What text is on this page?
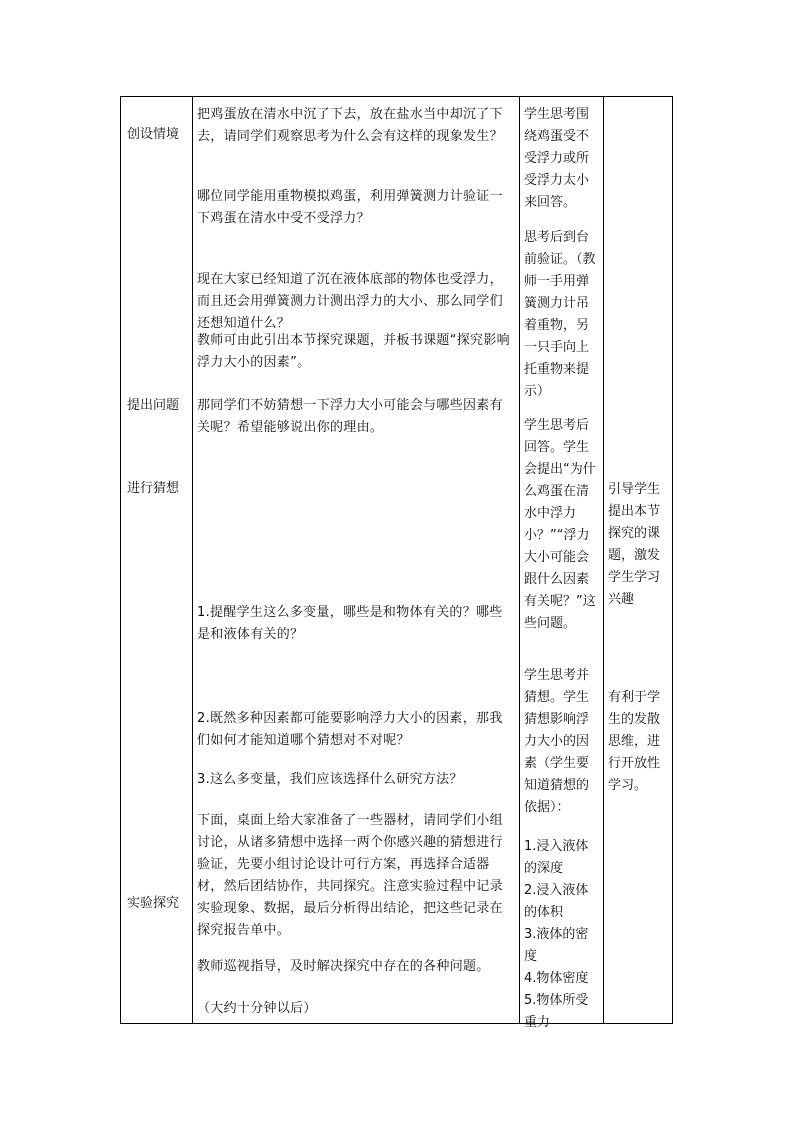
创设情境
提出问题
进行猜想
实验探究
把鸡蛋放在清水中沉了下去，放在盐水当中却沉了下去，请同学们观察思考为什么会有这样的现象发生？
哪位同学能用重物模拟鸡蛋，利用弹簧测力计验证一下鸡蛋在清水中受不受浮力？
现在大家已经知道了沉在液体底部的物体也受浮力，而且还会用弹簧测力计测出浮力的大小、那么同学们还想知道什么？
教师可由此引出本节探究课题，并板书课题“探究影响浮力大小的因素”。
那同学们不妨猜想一下浮力大小可能会与哪些因素有关呢？希望能够说出你的理由。
1.提醒学生这么多变量，哪些是和物体有关的？哪些是和液体有关的？
2.既然多种因素都可能要影响浮力大小的因素，那我们如何才能知道哪个猜想对不对呢？
3.这么多变量，我们应该选择什么研究方法？
下面，桌面上给大家准备了一些器材，请同学们小组讨论，从诸多猜想中选择一两个你感兴趣的猜想进行验证，先要小组讨论设计可行方案，再选择合适器材，然后团结协作，共同探究。注意实验过程中记录实验现象、数据，最后分析得出结论，把这些记录在探究报告单中。
教师巡视指导，及时解决探究中存在的各种问题。
（大约十分钟以后）
学生思考围绕鸡蛋受不受浮力或所受浮力太小来回答。
思考后到台前验证。（教师一手用弹簧测力计吊着重物，另一只手向上托重物来提示）
学生思考后回答。学生会提出“为什么鸡蛋在清水中浮力小？”“浮力大小可能会跟什么因素有关呢？”这些问题。
学生思考并猜想。学生猜想影响浮力大小的因素（学生要知道猜想的依据）：
1.浸入液体的深度
2.浸入液体的体积
3.液体的密度
4.物体密度
5.物体所受重力
引导学生提出本节探究的课题，激发学生学习兴趣
有利于学生的发散思维，进行开放性学习。
